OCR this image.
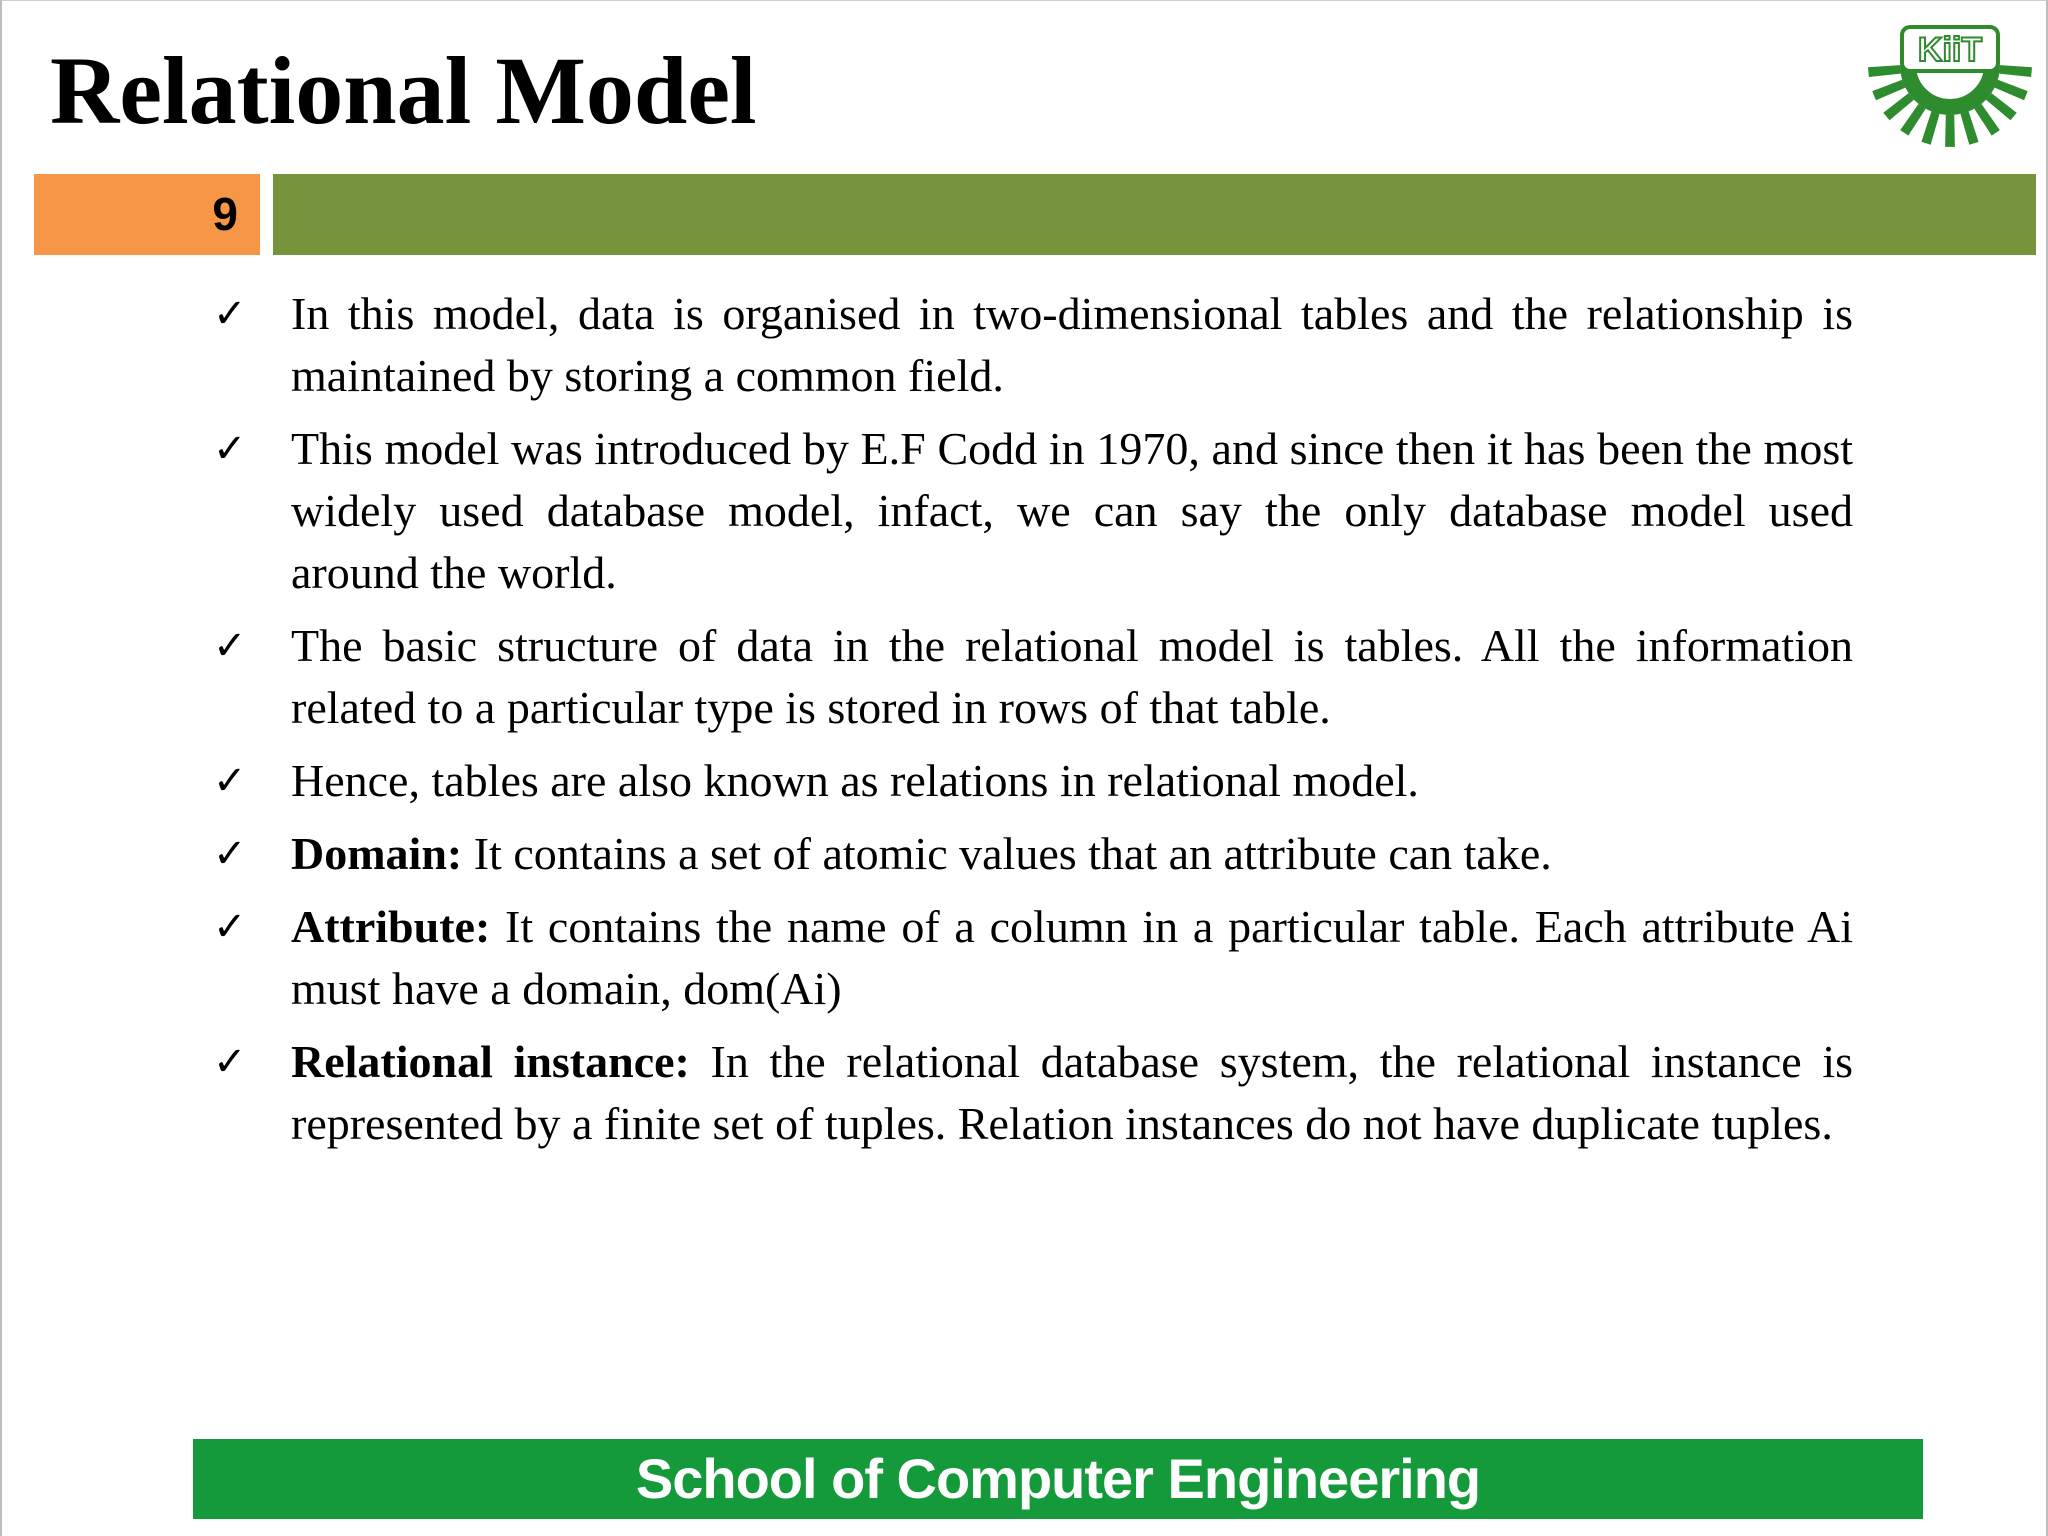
Relational Model	KiiT
9
✓ In this model, data is organised in two-dimensional tables and the relationship is maintained by storing a common field.
✓ This model was introduced by E.F Codd in 1970, and since then it has been the most widely used database model, infact, we can say the only database model used around the world.
✓ The basic structure of data in the relational model is tables. All the information related to a particular type is stored in rows of that table.
✓ Hence, tables are also known as relations in relational model.
✓ Domain: It contains a set of atomic values that an attribute can take.
✓ Attribute: It contains the name of a column in a particular table. Each attribute Ai must have a domain, dom(Ai)
✓ Relational instance: In the relational database system, the relational instance is represented by a finite set of tuples. Relation instances do not have duplicate tuples.
School of Computer Engineering
